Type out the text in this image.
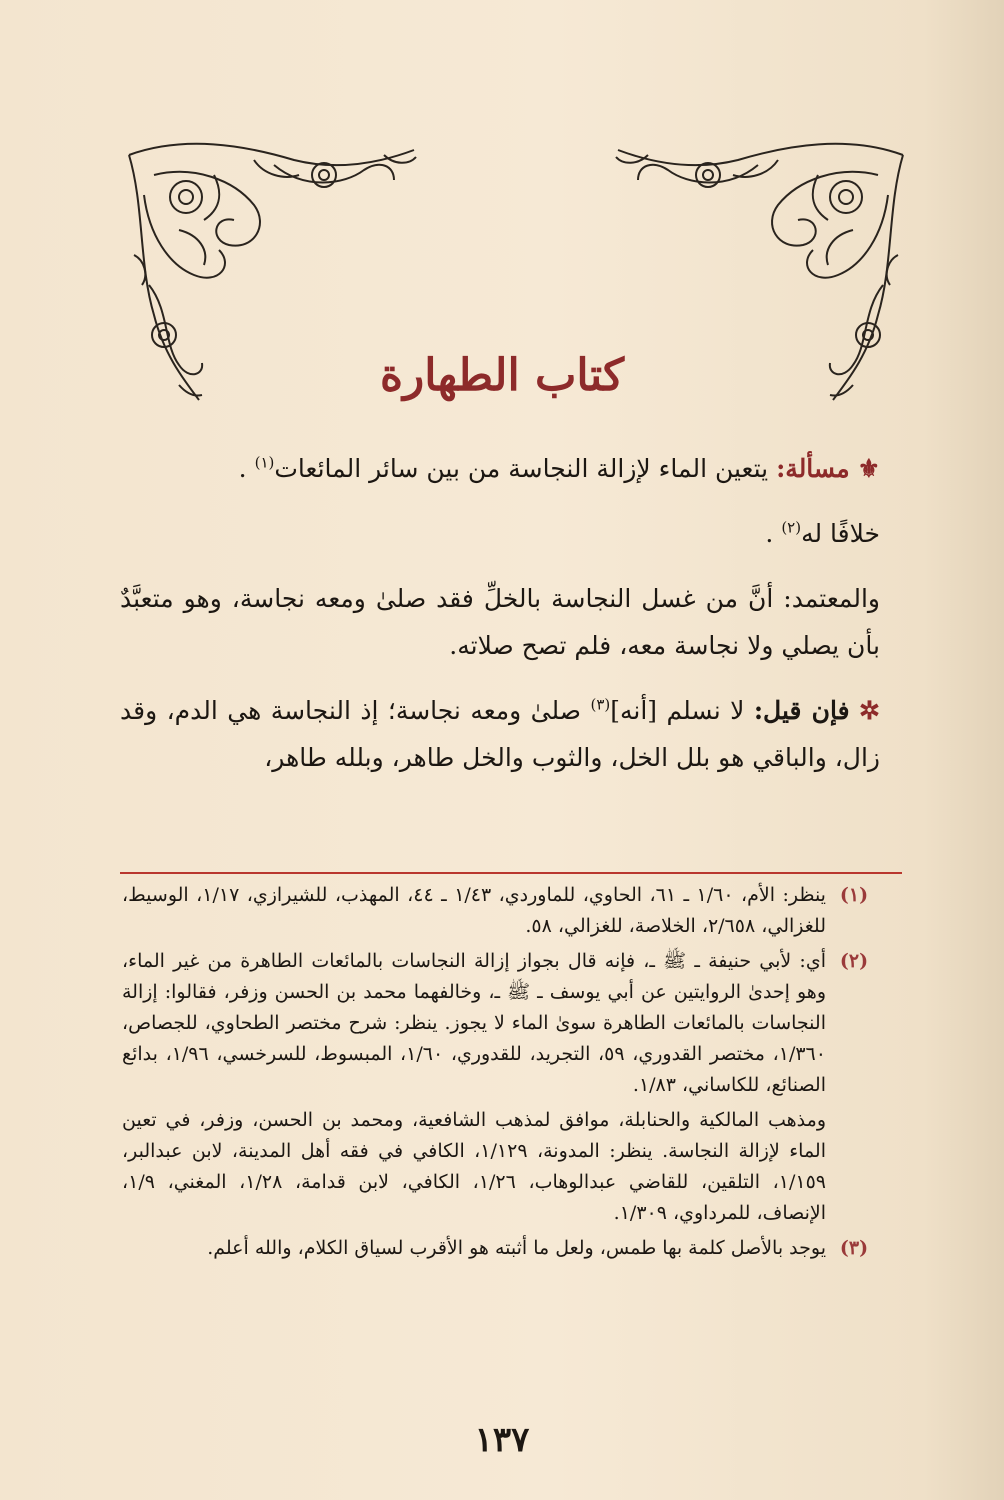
كتاب الطهارة

⚜ مسألة: يتعين الماء لإزالة النجاسة من بين سائر المائعات$^{(١)}$ .

خلافًا له$^{(٢)}$ .

والمعتمد: أنَّ من غسل النجاسة بالخلِّ فقد صلىٰ ومعه نجاسة، وهو متعبَّدٌ بأن يصلي ولا نجاسة معه، فلم تصح صلاته.

✲ فإن قيل: لا نسلم [أنه]$^{(٣)}$ صلىٰ ومعه نجاسة؛ إذ النجاسة هي الدم، وقد زال، والباقي هو بلل الخل، والثوب والخل طاهر، وبلله طاهر،

(١)

ينظر: الأم، ١/٦٠ ـ ٦١، الحاوي، للماوردي، ١/٤٣ ـ ٤٤، المهذب، للشيرازي، ١/١٧، الوسيط، للغزالي، ٢/٦٥٨، الخلاصة، للغزالي، ٥٨.

(٢)

أي: لأبي حنيفة ـ ﷺ ـ، فإنه قال بجواز إزالة النجاسات بالمائعات الطاهرة من غير الماء، وهو إحدىٰ الروايتين عن أبي يوسف ـ ﷺ ـ، وخالفهما محمد بن الحسن وزفر، فقالوا: إزالة النجاسات بالمائعات الطاهرة سوىٰ الماء لا يجوز. ينظر: شرح مختصر الطحاوي، للجصاص، ١/٣٦٠، مختصر القدوري، ٥٩، التجريد، للقدوري، ١/٦٠، المبسوط، للسرخسي، ١/٩٦، بدائع الصنائع، للكاساني، ١/٨٣.

ومذهب المالكية والحنابلة، موافق لمذهب الشافعية، ومحمد بن الحسن، وزفر، في تعين الماء لإزالة النجاسة. ينظر: المدونة، ١/١٢٩، الكافي في فقه أهل المدينة، لابن عبدالبر، ١/١٥٩، التلقين، للقاضي عبدالوهاب، ١/٢٦، الكافي، لابن قدامة، ١/٢٨، المغني، ١/٩، الإنصاف، للمرداوي، ١/٣٠٩.

(٣)

يوجد بالأصل كلمة بها طمس، ولعل ما أثبته هو الأقرب لسياق الكلام، والله أعلم.

١٣٧
